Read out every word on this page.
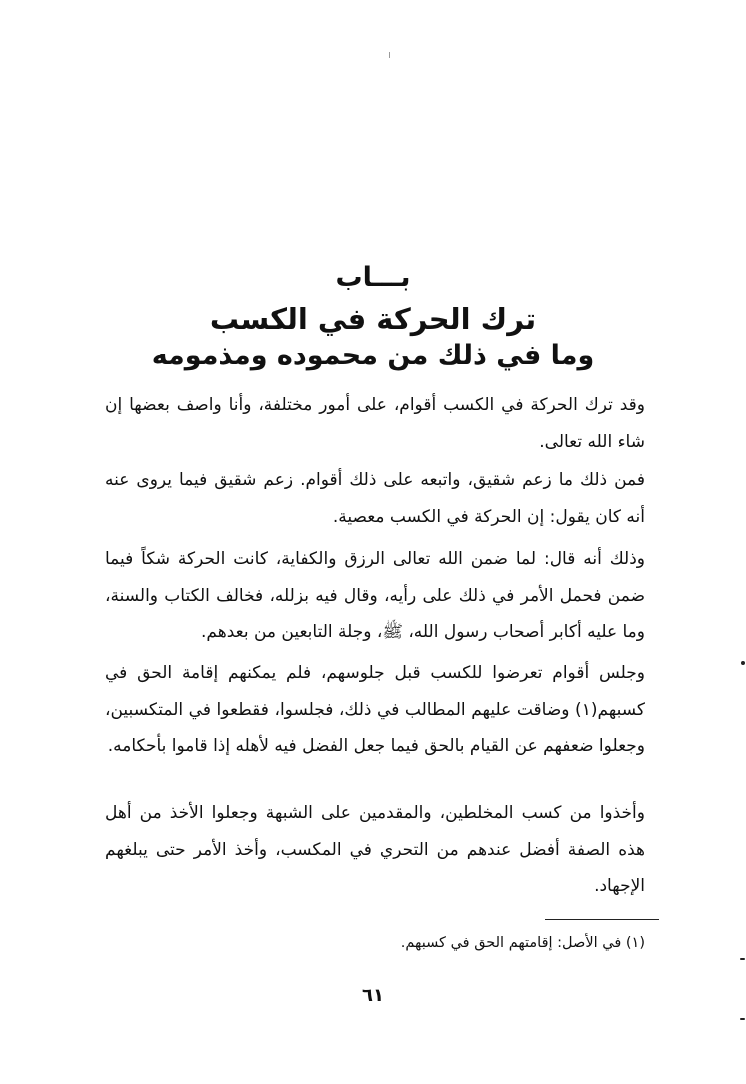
بـــاب
ترك الحركة في الكسب
وما في ذلك من محموده ومذمومه

وقد ترك الحركة في الكسب أقوام، على أمور مختلفة، وأنا واصف بعضها إن شاء الله تعالى.

فمن ذلك ما زعم شقيق، واتبعه على ذلك أقوام. زعم شقيق فيما يروى عنه أنه كان يقول: إن الحركة في الكسب معصية.

وذلك أنه قال: لما ضمن الله تعالى الرزق والكفاية، كانت الحركة شكاً فيما ضمن فحمل الأمر في ذلك على رأيه، وقال فيه بزلله، فخالف الكتاب والسنة، وما عليه أكابر أصحاب رسول الله، ﷺ، وجلة التابعين من بعدهم.

وجلس أقوام تعرضوا للكسب قبل جلوسهم، فلم يمكنهم إقامة الحق في كسبهم(١) وضاقت عليهم المطالب في ذلك، فجلسوا، فقطعوا في المتكسبين، وجعلوا ضعفهم عن القيام بالحق فيما جعل الفضل فيه لأهله إذا قاموا بأحكامه.

وأخذوا من كسب المخلطين، والمقدمين على الشبهة وجعلوا الأخذ من أهل هذه الصفة أفضل عندهم من التحري في المكسب، وأخذ الأمر حتى يبلغهم الإجهاد.

(١) في الأصل: إقامتهم الحق في كسبهم.

٦١
